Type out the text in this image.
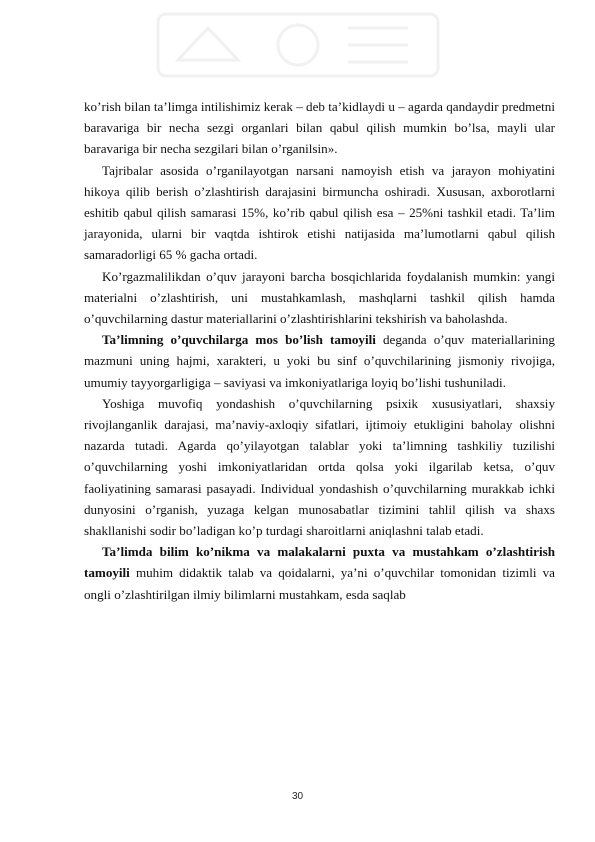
ko’rish bilan ta’limga intilishimiz kerak – deb ta’kidlaydi u – agarda qandaydir predmetni baravariga bir necha sezgi organlari bilan qabul qilish mumkin bo’lsa, mayli ular baravariga bir necha sezgilari bilan o’rganilsin».

Tajribalar asosida o’rganilayotgan narsani namoyish etish va jarayon mohiyatini hikoya qilib berish o’zlashtirish darajasini birmuncha oshiradi. Xususan, axborotlarni eshitib qabul qilish samarasi 15%, ko’rib qabul qilish esa – 25%ni tashkil etadi. Ta’lim jarayonida, ularni bir vaqtda ishtirok etishi natijasida ma’lumotlarni qabul qilish samaradorligi 65 % gacha ortadi.

Ko’rgazmalilikdan o’quv jarayoni barcha bosqichlarida foydalanish mumkin: yangi materialni o’zlashtirish, uni mustahkamlash, mashqlarni tashkil qilish hamda o’quvchilarning dastur materiallarini o’zlashtirishlarini tekshirish va baholashda.

Ta’limning o’quvchilarga mos bo’lish tamoyili deganda o’quv materiallarining mazmuni uning hajmi, xarakteri, u yoki bu sinf o’quvchilarining jismoniy rivojiga, umumiy tayyorgarligiga – saviyasi va imkoniyatlariga loyiq bo’lishi tushuniladi.

Yoshiga muvofiq yondashish o’quvchilarning psixik xususiyatlari, shaxsiy rivojlanganlik darajasi, ma’naviy-axloqiy sifatlari, ijtimoiy etukligini baholay olishni nazarda tutadi. Agarda qo’yilayotgan talablar yoki ta’limning tashkiliy tuzilishi o’quvchilarning yoshi imkoniyatlaridan ortda qolsa yoki ilgarilab ketsa, o’quv faoliyatining samarasi pasayadi. Individual yondashish o’quvchilarning murakkab ichki dunyosini o’rganish, yuzaga kelgan munosabatlar tizimini tahlil qilish va shaxs shakllanishi sodir bo’ladigan ko’p turdagi sharoitlarni aniqlashni talab etadi.

Ta’limda bilim ko’nikma va malakalarni puxta va mustahkam o’zlashtirish tamoyili muhim didaktik talab va qoidalarni, ya’ni o’quvchilar tomonidan tizimli va ongli o’zlashtirilgan ilmiy bilimlarni mustahkam, esda saqlab

30
